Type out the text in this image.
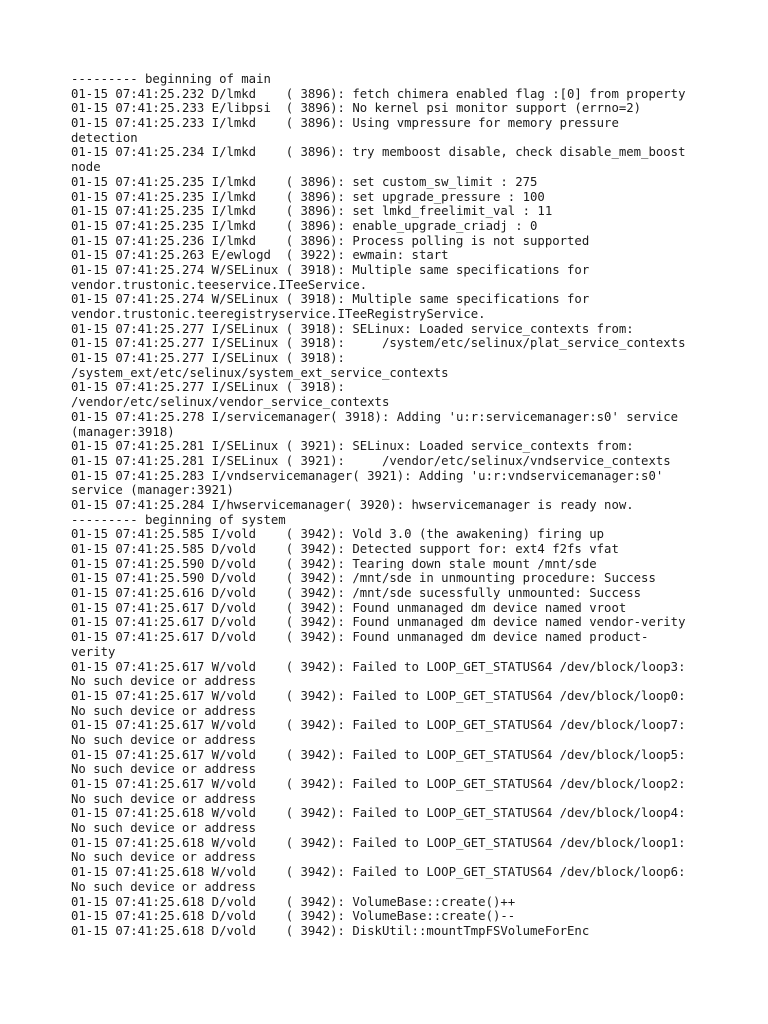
--------- beginning of main
01-15 07:41:25.232 D/lmkd    ( 3896): fetch chimera enabled flag :[0] from property
01-15 07:41:25.233 E/libpsi  ( 3896): No kernel psi monitor support (errno=2)
01-15 07:41:25.233 I/lmkd    ( 3896): Using vmpressure for memory pressure
detection
01-15 07:41:25.234 I/lmkd    ( 3896): try memboost disable, check disable_mem_boost
node
01-15 07:41:25.235 I/lmkd    ( 3896): set custom_sw_limit : 275
01-15 07:41:25.235 I/lmkd    ( 3896): set upgrade_pressure : 100
01-15 07:41:25.235 I/lmkd    ( 3896): set lmkd_freelimit_val : 11
01-15 07:41:25.235 I/lmkd    ( 3896): enable_upgrade_criadj : 0
01-15 07:41:25.236 I/lmkd    ( 3896): Process polling is not supported
01-15 07:41:25.263 E/ewlogd  ( 3922): ewmain: start
01-15 07:41:25.274 W/SELinux ( 3918): Multiple same specifications for
vendor.trustonic.teeservice.ITeeService.
01-15 07:41:25.274 W/SELinux ( 3918): Multiple same specifications for
vendor.trustonic.teeregistryservice.ITeeRegistryService.
01-15 07:41:25.277 I/SELinux ( 3918): SELinux: Loaded service_contexts from:
01-15 07:41:25.277 I/SELinux ( 3918):     /system/etc/selinux/plat_service_contexts
01-15 07:41:25.277 I/SELinux ( 3918):
/system_ext/etc/selinux/system_ext_service_contexts
01-15 07:41:25.277 I/SELinux ( 3918):
/vendor/etc/selinux/vendor_service_contexts
01-15 07:41:25.278 I/servicemanager( 3918): Adding 'u:r:servicemanager:s0' service
(manager:3918)
01-15 07:41:25.281 I/SELinux ( 3921): SELinux: Loaded service_contexts from:
01-15 07:41:25.281 I/SELinux ( 3921):     /vendor/etc/selinux/vndservice_contexts
01-15 07:41:25.283 I/vndservicemanager( 3921): Adding 'u:r:vndservicemanager:s0'
service (manager:3921)
01-15 07:41:25.284 I/hwservicemanager( 3920): hwservicemanager is ready now.
--------- beginning of system
01-15 07:41:25.585 I/vold    ( 3942): Vold 3.0 (the awakening) firing up
01-15 07:41:25.585 D/vold    ( 3942): Detected support for: ext4 f2fs vfat
01-15 07:41:25.590 D/vold    ( 3942): Tearing down stale mount /mnt/sde
01-15 07:41:25.590 D/vold    ( 3942): /mnt/sde in unmounting procedure: Success
01-15 07:41:25.616 D/vold    ( 3942): /mnt/sde sucessfully unmounted: Success
01-15 07:41:25.617 D/vold    ( 3942): Found unmanaged dm device named vroot
01-15 07:41:25.617 D/vold    ( 3942): Found unmanaged dm device named vendor-verity
01-15 07:41:25.617 D/vold    ( 3942): Found unmanaged dm device named product-
verity
01-15 07:41:25.617 W/vold    ( 3942): Failed to LOOP_GET_STATUS64 /dev/block/loop3:
No such device or address
01-15 07:41:25.617 W/vold    ( 3942): Failed to LOOP_GET_STATUS64 /dev/block/loop0:
No such device or address
01-15 07:41:25.617 W/vold    ( 3942): Failed to LOOP_GET_STATUS64 /dev/block/loop7:
No such device or address
01-15 07:41:25.617 W/vold    ( 3942): Failed to LOOP_GET_STATUS64 /dev/block/loop5:
No such device or address
01-15 07:41:25.617 W/vold    ( 3942): Failed to LOOP_GET_STATUS64 /dev/block/loop2:
No such device or address
01-15 07:41:25.618 W/vold    ( 3942): Failed to LOOP_GET_STATUS64 /dev/block/loop4:
No such device or address
01-15 07:41:25.618 W/vold    ( 3942): Failed to LOOP_GET_STATUS64 /dev/block/loop1:
No such device or address
01-15 07:41:25.618 W/vold    ( 3942): Failed to LOOP_GET_STATUS64 /dev/block/loop6:
No such device or address
01-15 07:41:25.618 D/vold    ( 3942): VolumeBase::create()++
01-15 07:41:25.618 D/vold    ( 3942): VolumeBase::create()--
01-15 07:41:25.618 D/vold    ( 3942): DiskUtil::mountTmpFSVolumeForEnc
